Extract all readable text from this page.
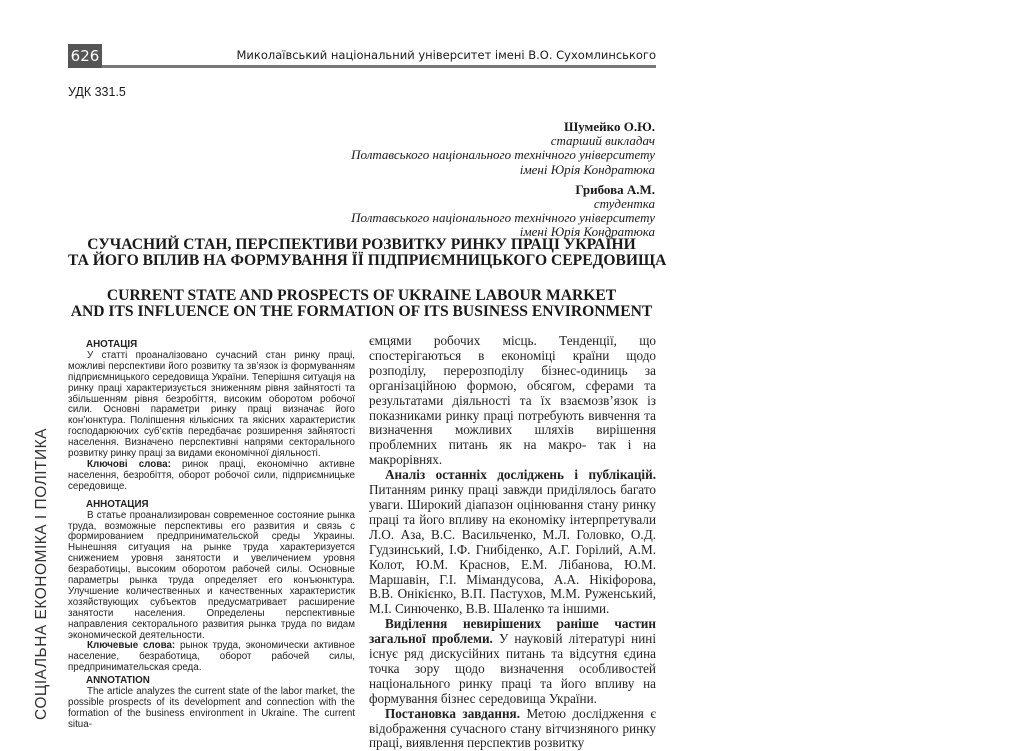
626	Миколаївський національний університет імені В.О. Сухомлинського
УДК 331.5
Шумейко О.Ю.
старший викладач
Полтавського національного технічного університету
імені Юрія Кондратюка
Грибова А.М.
студентка
Полтавського національного технічного університету
імені Юрія Кондратюка
СУЧАСНИЙ СТАН, ПЕРСПЕКТИВИ РОЗВИТКУ РИНКУ ПРАЦІ УКРАЇНИ
ТА ЙОГО ВПЛИВ НА ФОРМУВАННЯ ЇЇ ПІДПРИЄМНИЦЬКОГО СЕРЕДОВИЩА
CURRENT STATE AND PROSPECTS OF UKRAINE LABOUR MARKET
AND ITS INFLUENCE ON THE FORMATION OF ITS BUSINESS ENVIRONMENT
АНОТАЦІЯ
У статті проаналізовано сучасний стан ринку праці, можливі перспективи його розвитку та зв’язок із формуванням підприємницького середовища України. Теперішня ситуація на ринку праці характеризується зниженням рівня зайнятості та збільшенням рівня безробіття, високим оборотом робочої сили. Основні параметри ринку праці визначає його кон’юнктура. Поліпшення кількісних та якісних характеристик господарюючих суб’єктів передбачає розширення зайнятості населення. Визначено перспективні напрями секторального розвитку ринку праці за видами економічної діяльності.
Ключові слова: ринок праці, економічно активне населення, безробіття, оборот робочої сили, підприємницьке середовище.
АННОТАЦИЯ
В статье проанализирован современное состояние рынка труда, возможные перспективы его развития и связь с формированием предпринимательской среды Украины. Нынешняя ситуация на рынке труда характеризуется снижением уровня занятости и увеличением уровня безработицы, высоким оборотом рабочей силы. Основные параметры рынка труда определяет его конъюнктура. Улучшение количественных и качественных характеристик хозяйствующих субъектов предусматривает расширение занятости населения. Определены перспективные направления секторального развития рынка труда по видам экономической деятельности.
Ключевые слова: рынок труда, экономически активное население, безработица, оборот рабочей силы, предпринимательская среда.
ANNOTATION
The article analyzes the current state of the labor market, the possible prospects of its development and connection with the formation of the business environment in Ukraine. The current situa-
ємцями робочих місць. Тенденції, що спостерігаються в економіці країни щодо розподілу, перерозподілу бізнес-одиниць за організаційною формою, обсягом, сферами та результатами діяльності та їх взаємозв’язок із показниками ринку праці потребують вивчення та визначення можливих шляхів вирішення проблемних питань як на макро- так і на макрорівнях.
Аналіз останніх досліджень і публікацій. Питанням ринку праці завжди приділялось багато уваги. Широкий діапазон оцінювання стану ринку праці та його впливу на економіку інтерпретували Л.О. Аза, В.С. Васильченко, М.Л. Головко, О.Д. Гудзинський, І.Ф. Гнибіденко, А.Г. Горілий, А.М. Колот, Ю.М. Краснов, Е.М. Лібанова, Ю.М. Маршавін, Г.І. Мімандусова, А.А. Нікіфорова, В.В. Онікієнко, В.П. Пастухов, М.М. Руженський, М.І. Синюченко, В.В. Шаленко та іншими.
Виділення невирішених раніше частин загальної проблеми. У науковій літературі нині існує ряд дискусійних питань та відсутня єдина точка зору щодо визначення особливостей національного ринку праці та його впливу на формування бізнес середовища України.
Постановка завдання. Метою дослідження є відображення сучасного стану вітчизняного ринку праці, виявлення перспектив розвитку
СОЦІАЛЬНА ЕКОНОМІКА І ПОЛІТИКА
